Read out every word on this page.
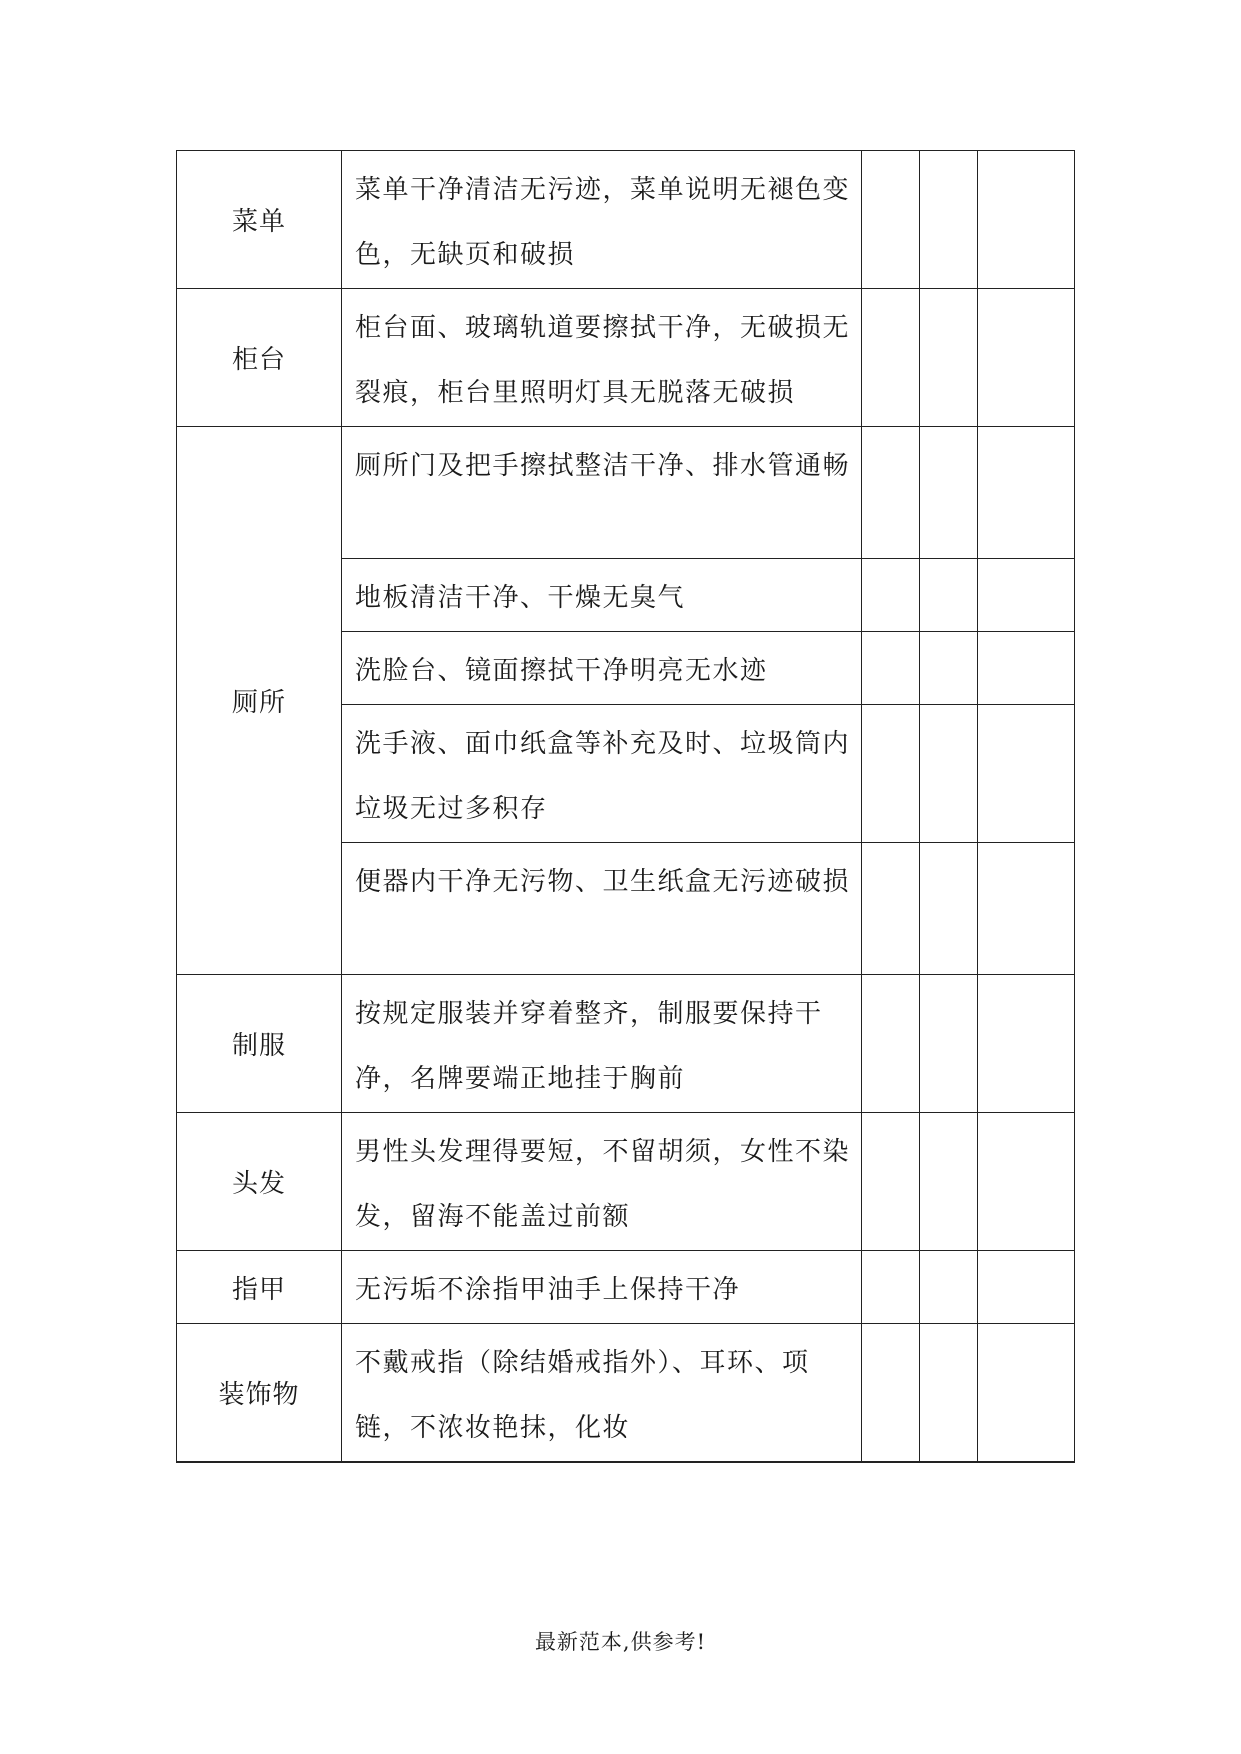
菜单	菜单干净清洁无污迹，菜单说明无褪色变色，无缺页和破损			
柜台	柜台面、玻璃轨道要擦拭干净，无破损无裂痕，柜台里照明灯具无脱落无破损			
厕所	厕所门及把手擦拭整洁干净、排水管通畅			
	地板清洁干净、干燥无臭气			
	洗脸台、镜面擦拭干净明亮无水迹			
	洗手液、面巾纸盒等补充及时、垃圾筒内垃圾无过多积存			
	便器内干净无污物、卫生纸盒无污迹破损			
制服	按规定服装并穿着整齐，制服要保持干净，名牌要端正地挂于胸前			
头发	男性头发理得要短，不留胡须，女性不染发，留海不能盖过前额			
指甲	无污垢不涂指甲油手上保持干净			
装饰物	不戴戒指（除结婚戒指外）、耳环、项链，不浓妆艳抹，化妆			
最新范本,供参考!
